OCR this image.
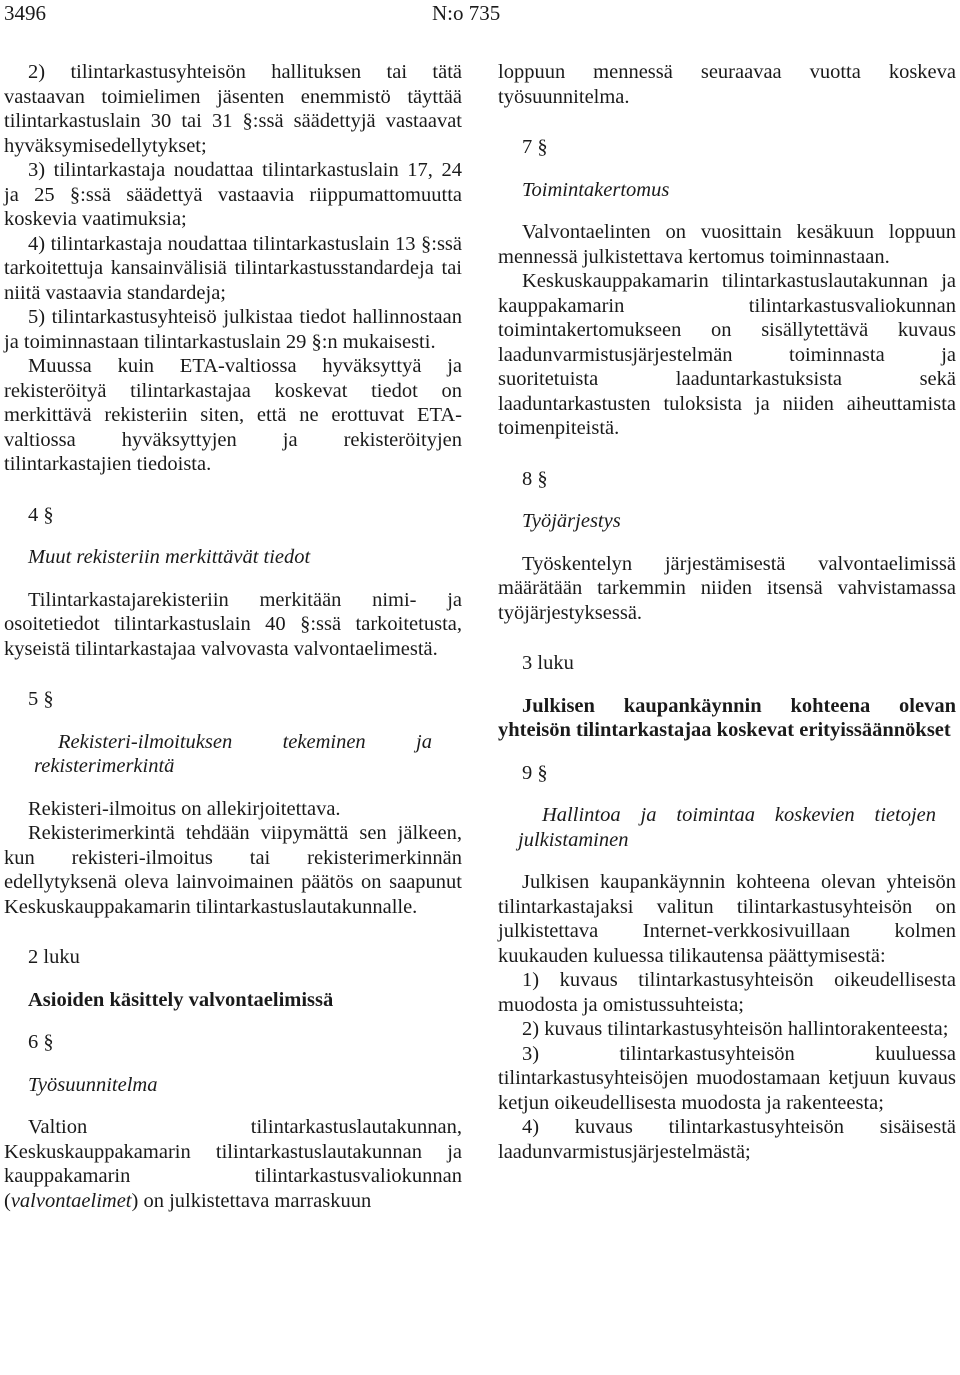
3496	N:o 735

2) tilintarkastusyhteisön hallituksen tai tätä vastaavan toimielimen jäsenten enemmistö täyttää tilintarkastuslain 30 tai 31 §:ssä säädettyjä vastaavat hyväksymisedellytykset;

3) tilintarkastaja noudattaa tilintarkastuslain 17, 24 ja 25 §:ssä säädettyä vastaavia riippumattomuutta koskevia vaatimuksia;

4) tilintarkastaja noudattaa tilintarkastuslain 13 §:ssä tarkoitettuja kansainvälisiä tilintarkastusstandardeja tai niitä vastaavia standardeja;

5) tilintarkastusyhteisö julkistaa tiedot hallinnostaan ja toiminnastaan tilintarkastuslain 29 §:n mukaisesti.

Muussa kuin ETA-valtiossa hyväksyttyä ja rekisteröityä tilintarkastajaa koskevat tiedot on merkittävä rekisteriin siten, että ne erottuvat ETA-valtiossa hyväksyttyjen ja rekisteröityjen tilintarkastajien tiedoista.

4 §

Muut rekisteriin merkittävät tiedot

Tilintarkastajarekisteriin merkitään nimi- ja osoitetiedot tilintarkastuslain 40 §:ssä tarkoitetusta, kyseistä tilintarkastajaa valvovasta valvontaelimestä.

5 §

Rekisteri-ilmoituksen tekeminen ja rekisterimerkintä

Rekisteri-ilmoitus on allekirjoitettava.

Rekisterimerkintä tehdään viipymättä sen jälkeen, kun rekisteri-ilmoitus tai rekisterimerkinnän edellytyksenä oleva lainvoimainen päätös on saapunut Keskuskauppakamarin tilintarkastuslautakunnalle.

2 luku

Asioiden käsittely valvontaelimissä

6 §

Työsuunnitelma

Valtion tilintarkastuslautakunnan, Keskuskauppakamarin tilintarkastuslautakunnan ja kauppakamarin tilintarkastusvaliokunnan (valvontaelimet) on julkistettava marraskuun

loppuun mennessä seuraavaa vuotta koskeva työsuunnitelma.

7 §

Toimintakertomus

Valvontaelinten on vuosittain kesäkuun loppuun mennessä julkistettava kertomus toiminnastaan.

Keskuskauppakamarin tilintarkastuslautakunnan ja kauppakamarin tilintarkastusvaliokunnan toimintakertomukseen on sisällytettävä kuvaus laadunvarmistusjärjestelmän toiminnasta ja suoritetuista laaduntarkastuksista sekä laaduntarkastusten tuloksista ja niiden aiheuttamista toimenpiteistä.

8 §

Työjärjestys

Työskentelyn järjestämisestä valvontaelimissä määrätään tarkemmin niiden itsensä vahvistamassa työjärjestyksessä.

3 luku

Julkisen kaupankäynnin kohteena olevan yhteisön tilintarkastajaa koskevat erityissäännökset

9 §

Hallintoa ja toimintaa koskevien tietojen julkistaminen

Julkisen kaupankäynnin kohteena olevan yhteisön tilintarkastajaksi valitun tilintarkastusyhteisön on julkistettava Internet-verkkosivuillaan kolmen kuukauden kuluessa tilikautensa päättymisestä:

1) kuvaus tilintarkastusyhteisön oikeudellisesta muodosta ja omistussuhteista;

2) kuvaus tilintarkastusyhteisön hallintorakenteesta;

3) tilintarkastusyhteisön kuuluessa tilintarkastusyhteisöjen muodostamaan ketjuun kuvaus ketjun oikeudellisesta muodosta ja rakenteesta;

4) kuvaus tilintarkastusyhteisön sisäisestä laadunvarmistusjärjestelmästä;
